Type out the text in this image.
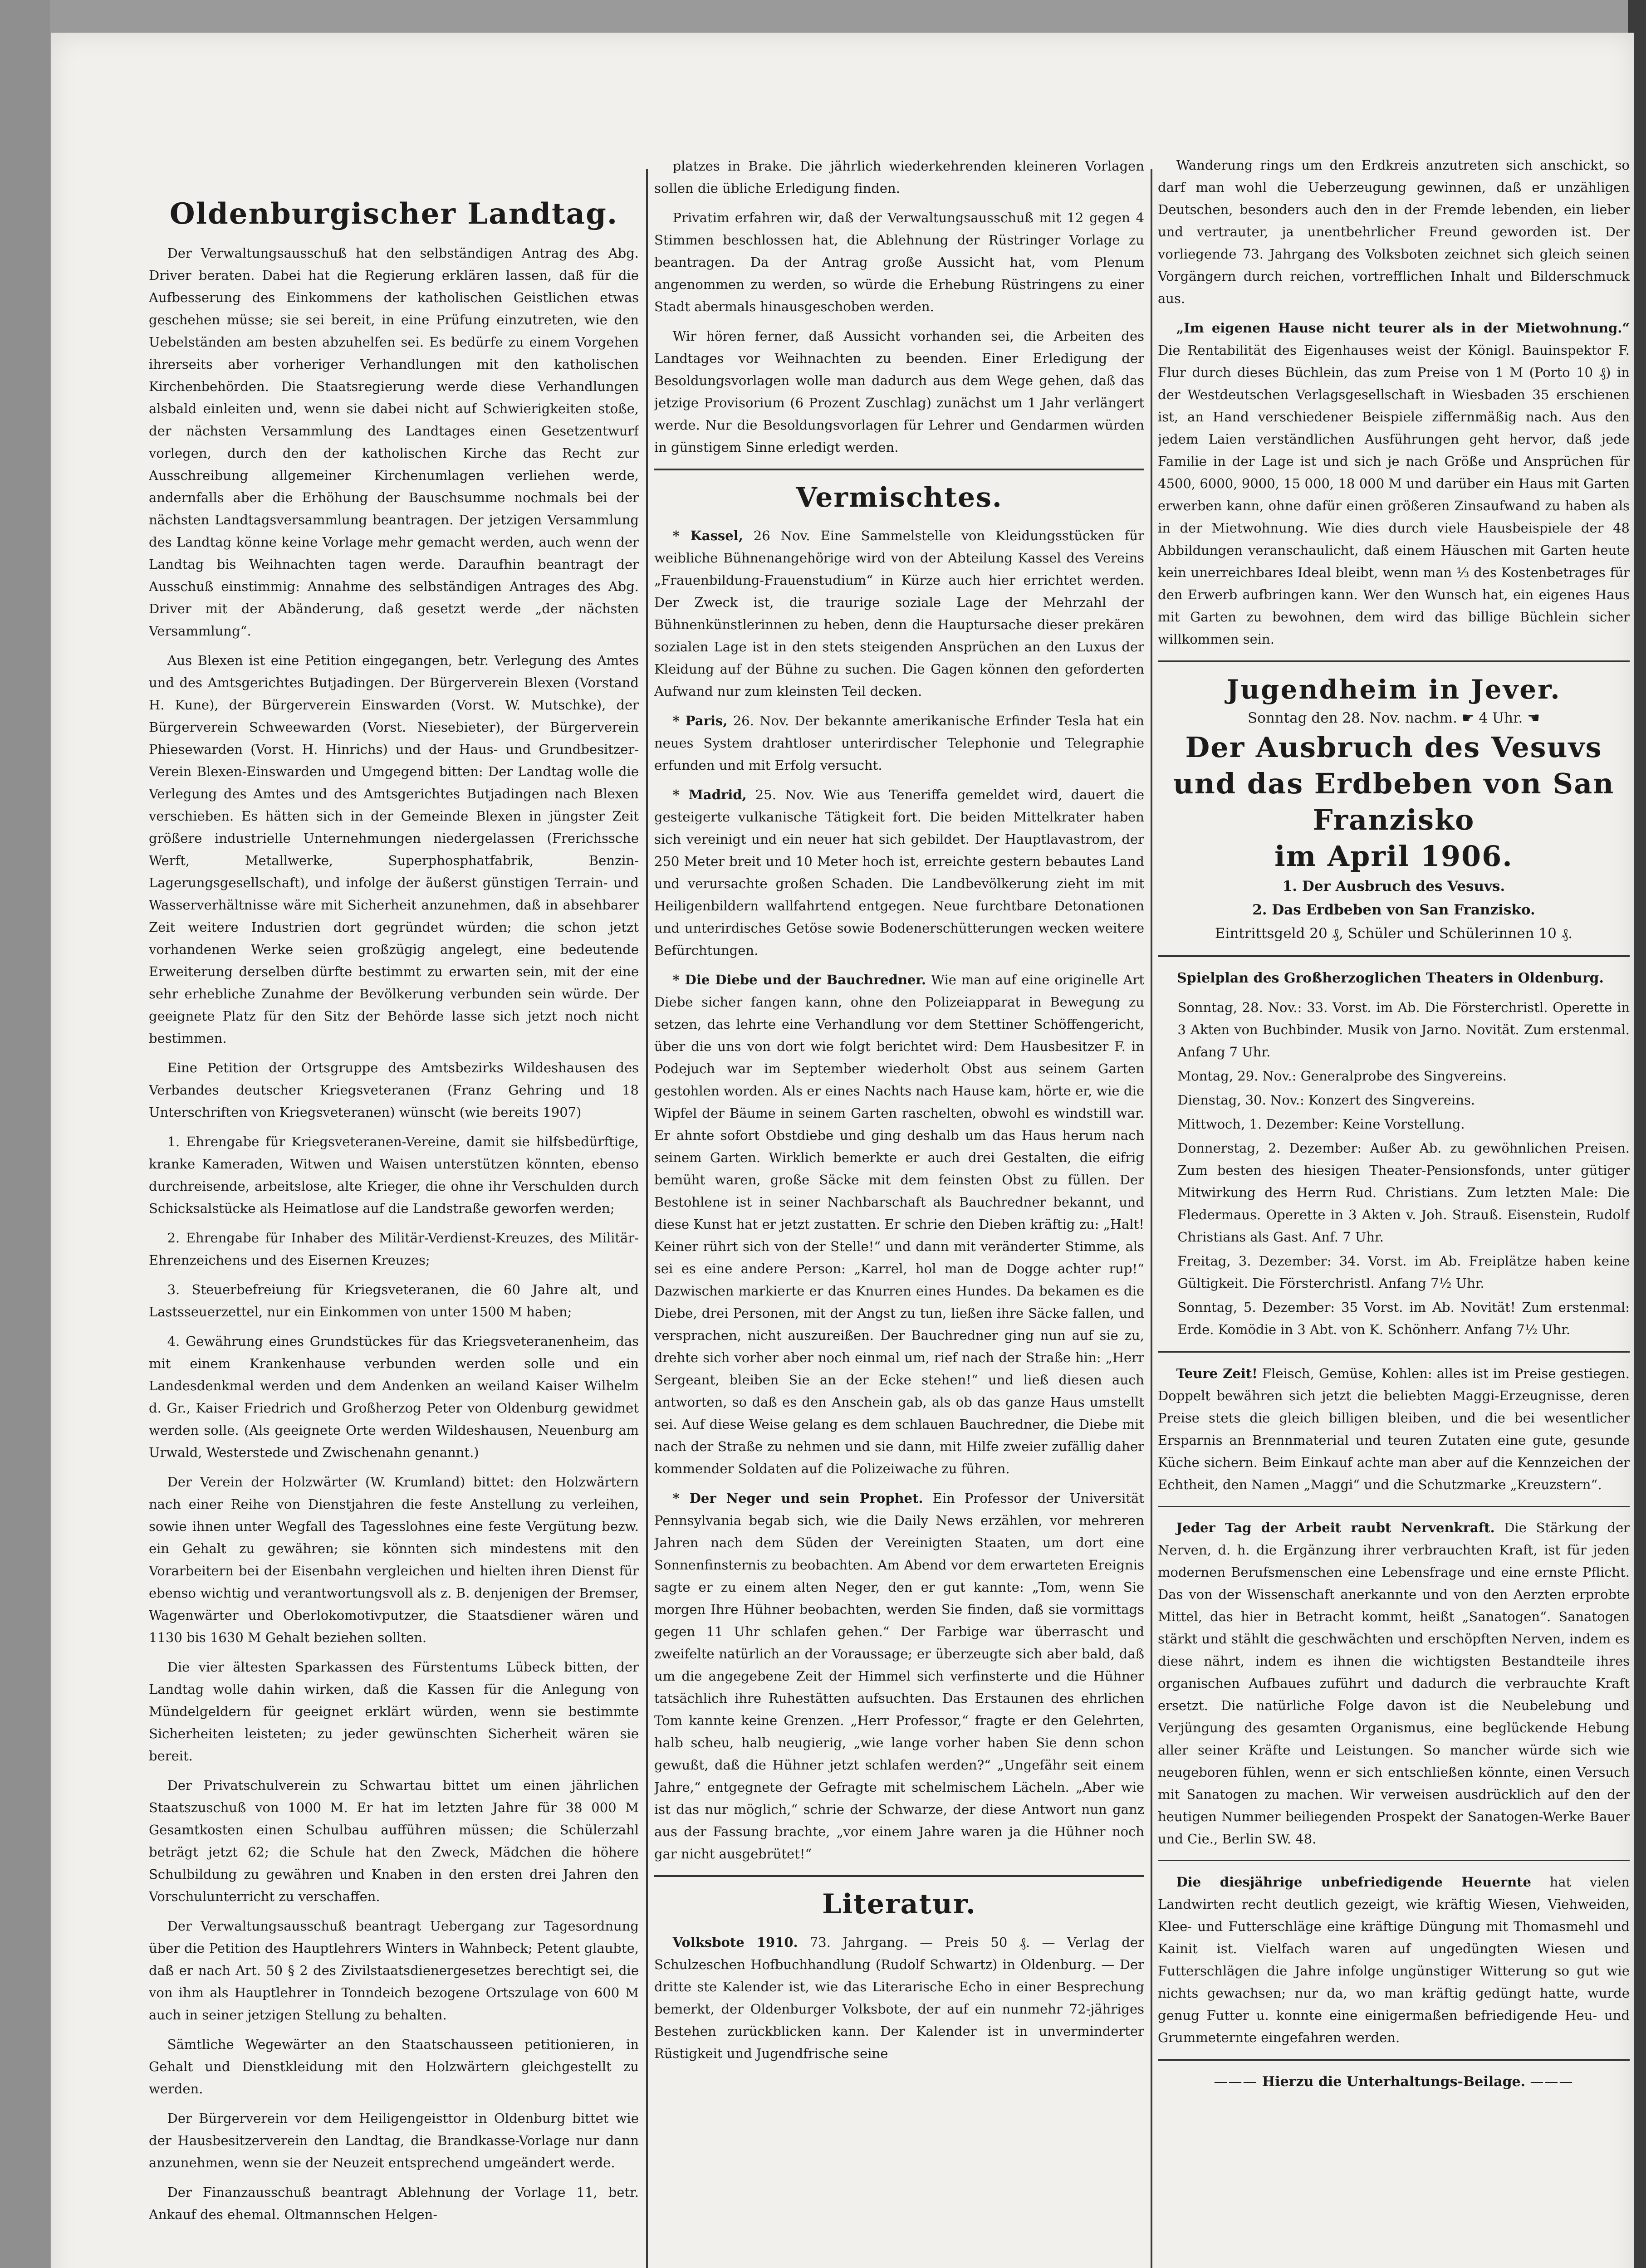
Oldenburgischer Landtag.

Der Verwaltungsausschuß hat den selbständigen Antrag des Abg. Driver beraten. Dabei hat die Regierung erklären lassen, daß für die Aufbesserung des Einkommens der katholischen Geistlichen etwas geschehen müsse; sie sei bereit, in eine Prüfung einzutreten, wie den Uebelständen am besten abzuhelfen sei. Es bedürfe zu einem Vorgehen ihrerseits aber vorheriger Verhandlungen mit den katholischen Kirchenbehörden. Die Staatsregierung werde diese Verhandlungen alsbald einleiten und, wenn sie dabei nicht auf Schwierigkeiten stoße, der nächsten Versammlung des Landtages einen Gesetzentwurf vorlegen, durch den der katholischen Kirche das Recht zur Ausschreibung allgemeiner Kirchenumlagen verliehen werde, andernfalls aber die Erhöhung der Bauschsumme nochmals bei der nächsten Landtagsversammlung beantragen. Der jetzigen Versammlung des Landtag könne keine Vorlage mehr gemacht werden, auch wenn der Landtag bis Weihnachten tagen werde. Daraufhin beantragt der Ausschuß einstimmig: Annahme des selbständigen Antrages des Abg. Driver mit der Abänderung, daß gesetzt werde „der nächsten Versammlung“.

Aus Blexen ist eine Petition eingegangen, betr. Verlegung des Amtes und des Amtsgerichtes Butjadingen. Der Bürgerverein Blexen (Vorstand H. Kune), der Bürgerverein Einswarden (Vorst. W. Mutschke), der Bürgerverein Schweewarden (Vorst. Niesebieter), der Bürgerverein Phiesewarden (Vorst. H. Hinrichs) und der Haus- und Grundbesitzer-Verein Blexen-Einswarden und Umgegend bitten: Der Landtag wolle die Verlegung des Amtes und des Amtsgerichtes Butjadingen nach Blexen verschieben. Es hätten sich in der Gemeinde Blexen in jüngster Zeit größere industrielle Unternehmungen niedergelassen (Frerichssche Werft, Metallwerke, Superphosphatfabrik, Benzin-Lagerungsgesellschaft), und infolge der äußerst günstigen Terrain- und Wasserverhältnisse wäre mit Sicherheit anzunehmen, daß in absehbarer Zeit weitere Industrien dort gegründet würden; die schon jetzt vorhandenen Werke seien großzügig angelegt, eine bedeutende Erweiterung derselben dürfte bestimmt zu erwarten sein, mit der eine sehr erhebliche Zunahme der Bevölkerung verbunden sein würde. Der geeignete Platz für den Sitz der Behörde lasse sich jetzt noch nicht bestimmen.

Eine Petition der Ortsgruppe des Amtsbezirks Wildeshausen des Verbandes deutscher Kriegsveteranen (Franz Gehring und 18 Unterschriften von Kriegsveteranen) wünscht (wie bereits 1907)

1. Ehrengabe für Kriegsveteranen-Vereine, damit sie hilfsbedürftige, kranke Kameraden, Witwen und Waisen unterstützen könnten, ebenso durchreisende, arbeitslose, alte Krieger, die ohne ihr Verschulden durch Schicksalstücke als Heimatlose auf die Landstraße geworfen werden;

2. Ehrengabe für Inhaber des Militär-Verdienst-Kreuzes, des Militär-Ehrenzeichens und des Eisernen Kreuzes;

3. Steuerbefreiung für Kriegsveteranen, die 60 Jahre alt, und Lastsseuerzettel, nur ein Einkommen von unter 1500 M haben;

4. Gewährung eines Grundstückes für das Kriegsveteranenheim, das mit einem Krankenhause verbunden werden solle und ein Landesdenkmal werden und dem Andenken an weiland Kaiser Wilhelm d. Gr., Kaiser Friedrich und Großherzog Peter von Oldenburg gewidmet werden solle. (Als geeignete Orte werden Wildeshausen, Neuenburg am Urwald, Westerstede und Zwischenahn genannt.)

Der Verein der Holzwärter (W. Krumland) bittet: den Holzwärtern nach einer Reihe von Dienstjahren die feste Anstellung zu verleihen, sowie ihnen unter Wegfall des Tagesslohnes eine feste Vergütung bezw. ein Gehalt zu gewähren; sie könnten sich mindestens mit den Vorarbeitern bei der Eisenbahn vergleichen und hielten ihren Dienst für ebenso wichtig und verantwortungsvoll als z. B. denjenigen der Bremser, Wagenwärter und Oberlokomotivputzer, die Staatsdiener wären und 1130 bis 1630 M Gehalt beziehen sollten.

Die vier ältesten Sparkassen des Fürstentums Lübeck bitten, der Landtag wolle dahin wirken, daß die Kassen für die Anlegung von Mündelgeldern für geeignet erklärt würden, wenn sie bestimmte Sicherheiten leisteten; zu jeder gewünschten Sicherheit wären sie bereit.

Der Privatschulverein zu Schwartau bittet um einen jährlichen Staatszuschuß von 1000 M. Er hat im letzten Jahre für 38 000 M Gesamtkosten einen Schulbau aufführen müssen; die Schülerzahl beträgt jetzt 62; die Schule hat den Zweck, Mädchen die höhere Schulbildung zu gewähren und Knaben in den ersten drei Jahren den Vorschulunterricht zu verschaffen.

Der Verwaltungsausschuß beantragt Uebergang zur Tagesordnung über die Petition des Hauptlehrers Winters in Wahnbeck; Petent glaubte, daß er nach Art. 50 § 2 des Zivilstaatsdienergesetzes berechtigt sei, die von ihm als Hauptlehrer in Tonndeich bezogene Ortszulage von 600 M auch in seiner jetzigen Stellung zu behalten.

Sämtliche Wegewärter an den Staatschausseen petitionieren, in Gehalt und Dienstkleidung mit den Holzwärtern gleichgestellt zu werden.

Der Bürgerverein vor dem Heiligengeisttor in Oldenburg bittet wie der Hausbesitzerverein den Landtag, die Brandkasse-Vorlage nur dann anzunehmen, wenn sie der Neuzeit entsprechend umgeändert werde.

Der Finanzausschuß beantragt Ablehnung der Vorlage 11, betr. Ankauf des ehemal. Oltmannschen Helgen-

platzes in Brake. Die jährlich wiederkehrenden kleineren Vorlagen sollen die übliche Erledigung finden.

Privatim erfahren wir, daß der Verwaltungsausschuß mit 12 gegen 4 Stimmen beschlossen hat, die Ablehnung der Rüstringer Vorlage zu beantragen. Da der Antrag große Aussicht hat, vom Plenum angenommen zu werden, so würde die Erhebung Rüstringens zu einer Stadt abermals hinausgeschoben werden.

Wir hören ferner, daß Aussicht vorhanden sei, die Arbeiten des Landtages vor Weihnachten zu beenden. Einer Erledigung der Besoldungsvorlagen wolle man dadurch aus dem Wege gehen, daß das jetzige Provisorium (6 Prozent Zuschlag) zunächst um 1 Jahr verlängert werde. Nur die Besoldungsvorlagen für Lehrer und Gendarmen würden in günstigem Sinne erledigt werden.

Vermischtes.

* Kassel, 26 Nov. Eine Sammelstelle von Kleidungsstücken für weibliche Bühnenangehörige wird von der Abteilung Kassel des Vereins „Frauenbildung-Frauenstudium“ in Kürze auch hier errichtet werden. Der Zweck ist, die traurige soziale Lage der Mehrzahl der Bühnenkünstlerinnen zu heben, denn die Hauptursache dieser prekären sozialen Lage ist in den stets steigenden Ansprüchen an den Luxus der Kleidung auf der Bühne zu suchen. Die Gagen können den geforderten Aufwand nur zum kleinsten Teil decken.

* Paris, 26. Nov. Der bekannte amerikanische Erfinder Tesla hat ein neues System drahtloser unterirdischer Telephonie und Telegraphie erfunden und mit Erfolg versucht.

* Madrid, 25. Nov. Wie aus Teneriffa gemeldet wird, dauert die gesteigerte vulkanische Tätigkeit fort. Die beiden Mittelkrater haben sich vereinigt und ein neuer hat sich gebildet. Der Hauptlavastrom, der 250 Meter breit und 10 Meter hoch ist, erreichte gestern bebautes Land und verursachte großen Schaden. Die Landbevölkerung zieht im mit Heiligenbildern wallfahrtend entgegen. Neue furchtbare Detonationen und unterirdisches Getöse sowie Bodenerschütterungen wecken weitere Befürchtungen.

* Die Diebe und der Bauchredner. Wie man auf eine originelle Art Diebe sicher fangen kann, ohne den Polizeiapparat in Bewegung zu setzen, das lehrte eine Verhandlung vor dem Stettiner Schöffengericht, über die uns von dort wie folgt berichtet wird: Dem Hausbesitzer F. in Podejuch war im September wiederholt Obst aus seinem Garten gestohlen worden. Als er eines Nachts nach Hause kam, hörte er, wie die Wipfel der Bäume in seinem Garten raschelten, obwohl es windstill war. Er ahnte sofort Obstdiebe und ging deshalb um das Haus herum nach seinem Garten. Wirklich bemerkte er auch drei Gestalten, die eifrig bemüht waren, große Säcke mit dem feinsten Obst zu füllen. Der Bestohlene ist in seiner Nachbarschaft als Bauchredner bekannt, und diese Kunst hat er jetzt zustatten. Er schrie den Dieben kräftig zu: „Halt! Keiner rührt sich von der Stelle!“ und dann mit veränderter Stimme, als sei es eine andere Person: „Karrel, hol man de Dogge achter rup!“ Dazwischen markierte er das Knurren eines Hundes. Da bekamen es die Diebe, drei Personen, mit der Angst zu tun, ließen ihre Säcke fallen, und versprachen, nicht auszureißen. Der Bauchredner ging nun auf sie zu, drehte sich vorher aber noch einmal um, rief nach der Straße hin: „Herr Sergeant, bleiben Sie an der Ecke stehen!“ und ließ diesen auch antworten, so daß es den Anschein gab, als ob das ganze Haus umstellt sei. Auf diese Weise gelang es dem schlauen Bauchredner, die Diebe mit nach der Straße zu nehmen und sie dann, mit Hilfe zweier zufällig daher kommender Soldaten auf die Polizeiwache zu führen.

* Der Neger und sein Prophet. Ein Professor der Universität Pennsylvania begab sich, wie die Daily News erzählen, vor mehreren Jahren nach dem Süden der Vereinigten Staaten, um dort eine Sonnenfinsternis zu beobachten. Am Abend vor dem erwarteten Ereignis sagte er zu einem alten Neger, den er gut kannte: „Tom, wenn Sie morgen Ihre Hühner beobachten, werden Sie finden, daß sie vormittags gegen 11 Uhr schlafen gehen.“ Der Farbige war überrascht und zweifelte natürlich an der Voraussage; er überzeugte sich aber bald, daß um die angegebene Zeit der Himmel sich verfinsterte und die Hühner tatsächlich ihre Ruhestätten aufsuchten. Das Erstaunen des ehrlichen Tom kannte keine Grenzen. „Herr Professor,“ fragte er den Gelehrten, halb scheu, halb neugierig, „wie lange vorher haben Sie denn schon gewußt, daß die Hühner jetzt schlafen werden?“ „Ungefähr seit einem Jahre,“ entgegnete der Gefragte mit schelmischem Lächeln. „Aber wie ist das nur möglich,“ schrie der Schwarze, der diese Antwort nun ganz aus der Fassung brachte, „vor einem Jahre waren ja die Hühner noch gar nicht ausgebrütet!“

Literatur.

Volksbote 1910. 73. Jahrgang. — Preis 50 ₰. — Verlag der Schulzeschen Hofbuchhandlung (Rudolf Schwartz) in Oldenburg. — Der dritte ste Kalender ist, wie das Literarische Echo in einer Besprechung bemerkt, der Oldenburger Volksbote, der auf ein nunmehr 72-jähriges Bestehen zurückblicken kann. Der Kalender ist in unverminderter Rüstigkeit und Jugendfrische seine

Wanderung rings um den Erdkreis anzutreten sich anschickt, so darf man wohl die Ueberzeugung gewinnen, daß er unzähligen Deutschen, besonders auch den in der Fremde lebenden, ein lieber und vertrauter, ja unentbehrlicher Freund geworden ist. Der vorliegende 73. Jahrgang des Volksboten zeichnet sich gleich seinen Vorgängern durch reichen, vortrefflichen Inhalt und Bilderschmuck aus.

„Im eigenen Hause nicht teurer als in der Mietwohnung.“ Die Rentabilität des Eigenhauses weist der Königl. Bauinspektor F. Flur durch dieses Büchlein, das zum Preise von 1 M (Porto 10 ₰) in der Westdeutschen Verlagsgesellschaft in Wiesbaden 35 erschienen ist, an Hand verschiedener Beispiele ziffernmäßig nach. Aus den jedem Laien verständlichen Ausführungen geht hervor, daß jede Familie in der Lage ist und sich je nach Größe und Ansprüchen für 4500, 6000, 9000, 15 000, 18 000 M und darüber ein Haus mit Garten erwerben kann, ohne dafür einen größeren Zinsaufwand zu haben als in der Mietwohnung. Wie dies durch viele Hausbeispiele der 48 Abbildungen veranschaulicht, daß einem Häuschen mit Garten heute kein unerreichbares Ideal bleibt, wenn man ⅓ des Kostenbetrages für den Erwerb aufbringen kann. Wer den Wunsch hat, ein eigenes Haus mit Garten zu bewohnen, dem wird das billige Büchlein sicher willkommen sein.

Jugendheim in Jever.
Sonntag den 28. Nov. nachm. ☛ 4 Uhr. ☚
Der Ausbruch des Vesuvs
und das Erdbeben von San Franzisko
im April 1906.
1. Der Ausbruch des Vesuvs.
2. Das Erdbeben von San Franzisko.
Eintrittsgeld 20 ₰, Schüler und Schülerinnen 10 ₰.

Spielplan des Großherzoglichen Theaters in Oldenburg.

Sonntag, 28. Nov.: 33. Vorst. im Ab. Die Försterchristl. Operette in 3 Akten von Buchbinder. Musik von Jarno. Novität. Zum erstenmal. Anfang 7 Uhr.

Montag, 29. Nov.: Generalprobe des Singvereins.

Dienstag, 30. Nov.: Konzert des Singvereins.

Mittwoch, 1. Dezember: Keine Vorstellung.

Donnerstag, 2. Dezember: Außer Ab. zu gewöhnlichen Preisen. Zum besten des hiesigen Theater-Pensionsfonds, unter gütiger Mitwirkung des Herrn Rud. Christians. Zum letzten Male: Die Fledermaus. Operette in 3 Akten v. Joh. Strauß. Eisenstein, Rudolf Christians als Gast. Anf. 7 Uhr.

Freitag, 3. Dezember: 34. Vorst. im Ab. Freiplätze haben keine Gültigkeit. Die Försterchristl. Anfang 7½ Uhr.

Sonntag, 5. Dezember: 35 Vorst. im Ab. Novität! Zum erstenmal: Erde. Komödie in 3 Abt. von K. Schönherr. Anfang 7½ Uhr.

Teure Zeit! Fleisch, Gemüse, Kohlen: alles ist im Preise gestiegen. Doppelt bewähren sich jetzt die beliebten Maggi-Erzeugnisse, deren Preise stets die gleich billigen bleiben, und die bei wesentlicher Ersparnis an Brennmaterial und teuren Zutaten eine gute, gesunde Küche sichern. Beim Einkauf achte man aber auf die Kennzeichen der Echtheit, den Namen „Maggi“ und die Schutzmarke „Kreuzstern“.

Jeder Tag der Arbeit raubt Nervenkraft. Die Stärkung der Nerven, d. h. die Ergänzung ihrer verbrauchten Kraft, ist für jeden modernen Berufsmenschen eine Lebensfrage und eine ernste Pflicht. Das von der Wissenschaft anerkannte und von den Aerzten erprobte Mittel, das hier in Betracht kommt, heißt „Sanatogen“. Sanatogen stärkt und stählt die geschwächten und erschöpften Nerven, indem es diese nährt, indem es ihnen die wichtigsten Bestandteile ihres organischen Aufbaues zuführt und dadurch die verbrauchte Kraft ersetzt. Die natürliche Folge davon ist die Neubelebung und Verjüngung des gesamten Organismus, eine beglückende Hebung aller seiner Kräfte und Leistungen. So mancher würde sich wie neugeboren fühlen, wenn er sich entschließen könnte, einen Versuch mit Sanatogen zu machen. Wir verweisen ausdrücklich auf den der heutigen Nummer beiliegenden Prospekt der Sanatogen-Werke Bauer und Cie., Berlin SW. 48.

Die diesjährige unbefriedigende Heuernte hat vielen Landwirten recht deutlich gezeigt, wie kräftig Wiesen, Viehweiden, Klee- und Futterschläge eine kräftige Düngung mit Thomasmehl und Kainit ist. Vielfach waren auf ungedüngten Wiesen und Futterschlägen die Jahre infolge ungünstiger Witterung so gut wie nichts gewachsen; nur da, wo man kräftig gedüngt hatte, wurde genug Futter u. konnte eine einigermaßen befriedigende Heu- und Grummeternte eingefahren werden.

——— Hierzu die Unterhaltungs-Beilage. ———
